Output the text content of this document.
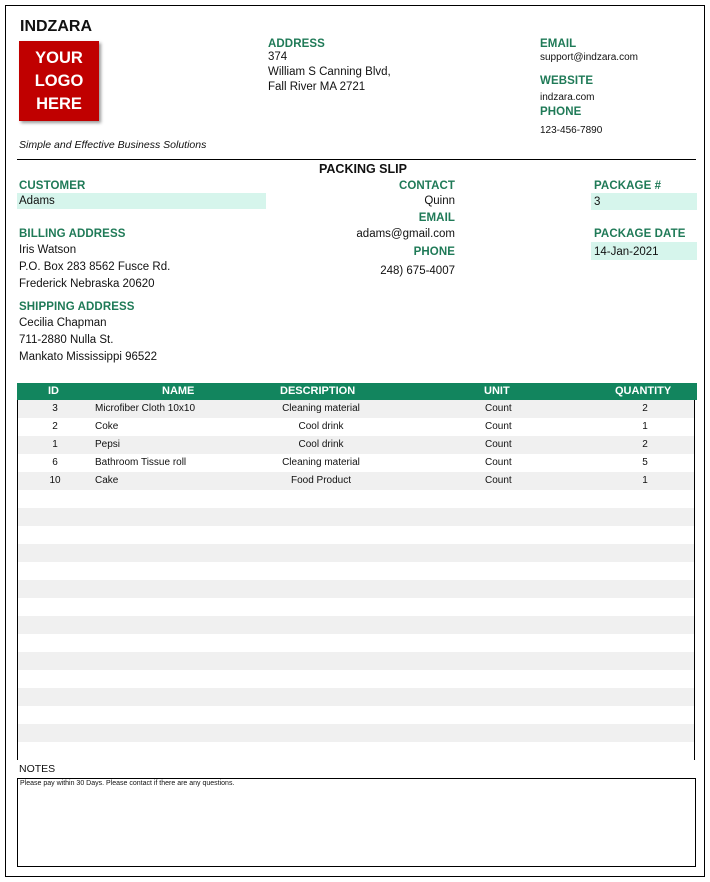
INDZARA
YOUR
LOGO
HERE
Simple and Effective Business Solutions
ADDRESS
374
William S Canning Blvd,
Fall River MA 2721
EMAIL
support@indzara.com
WEBSITE
indzara.com
PHONE
123-456-7890
PACKING SLIP
CUSTOMER
Adams
BILLING ADDRESS
Iris Watson
P.O. Box 283 8562 Fusce Rd.
Frederick Nebraska 20620
SHIPPING ADDRESS
Cecilia Chapman
711-2880 Nulla St.
Mankato Mississippi 96522
CONTACT
Quinn
EMAIL
adams@gmail.com
PHONE
248) 675-4007
PACKAGE #
3
PACKAGE DATE
14-Jan-2021
ID	NAME	DESCRIPTION	UNIT	QUANTITY
3	Microfiber Cloth 10x10	Cleaning material	Count	2
2	Coke	Cool drink	Count	1
1	Pepsi	Cool drink	Count	2
6	Bathroom Tissue roll	Cleaning material	Count	5
10	Cake	Food Product	Count	1
NOTES
Please pay within 30 Days. Please contact if there are any questions.
